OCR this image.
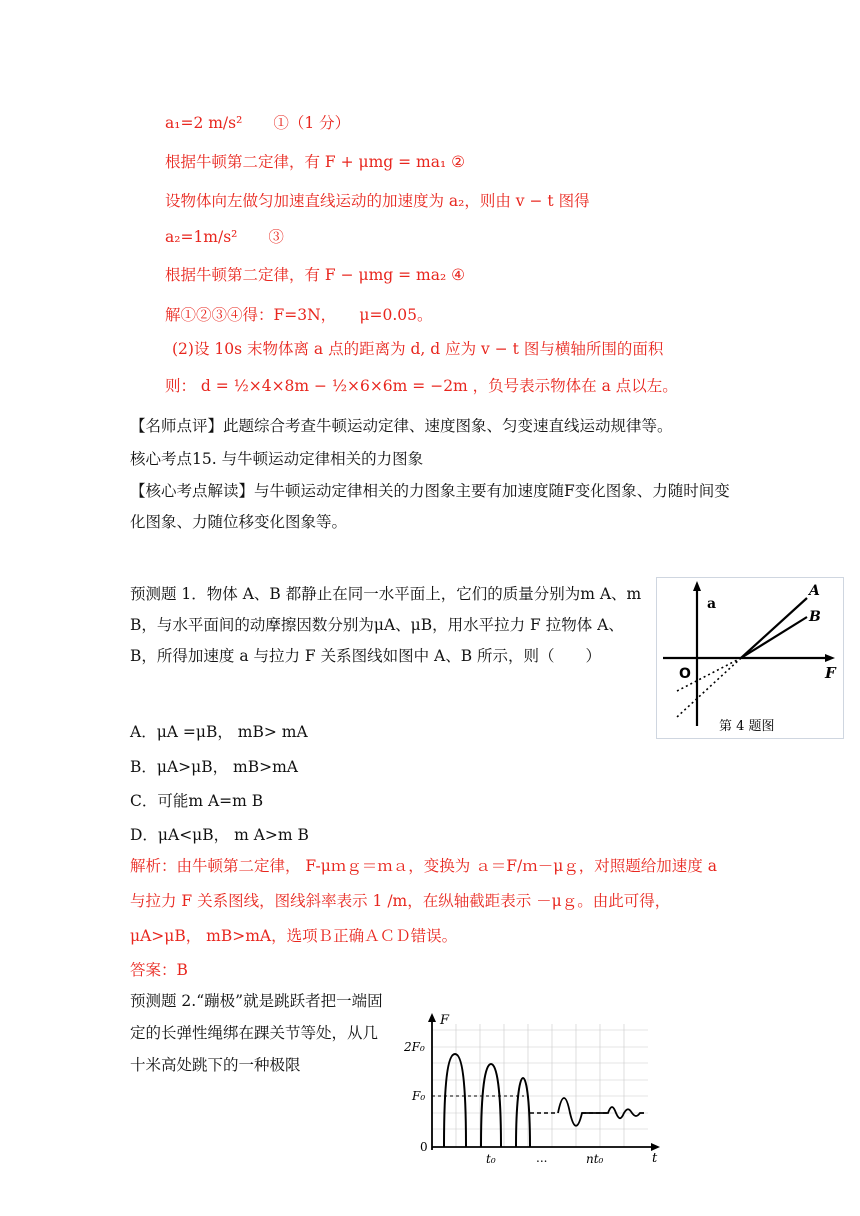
a₁=2 m/s²　　①（1 分）
根据牛顿第二定律，有 F + μmg = ma₁ ②
设物体向左做匀加速直线运动的加速度为 a₂，则由 v − t 图得
a₂=1m/s²　　③
根据牛顿第二定律，有 F − μmg = ma₂ ④
解①②③④得：F=3N，　　μ=0.05。
(2)设 10s 末物体离 a 点的距离为 d, d 应为 v − t 图与横轴所围的面积
则： d = ½×4×8m − ½×6×6m = −2m ，负号表示物体在 a 点以左。
【名师点评】此题综合考查牛顿运动定律、速度图象、匀变速直线运动规律等。
核心考点15. 与牛顿运动定律相关的力图象
【核心考点解读】与牛顿运动定律相关的力图象主要有加速度随F变化图象、力随时间变化图象、力随位移变化图象等。
预测题 1．物体 A、B 都静止在同一水平面上，它们的质量分别为m A、m B，与水平面间的动摩擦因数分别为μA、μB，用水平拉力 F 拉物体 A、B，所得加速度 a 与拉力 F 关系图线如图中 A、B 所示，则（　　）
A．μA =μB， mB> mA
B．μA>μB， mB>mA
C．可能m A=m B
D．μA<μB， m A>m B
解析：由牛顿第二定律， F-μｍｇ＝ｍａ，变换为 ａ＝F/ｍ－μｇ，对照题给加速度 a 与拉力 F 关系图线，图线斜率表示 1 /m，在纵轴截距表示 －μｇ。由此可得，μA>μB， mB>mA，选项Ｂ正确ＡＣＤ错误。
答案：B
a
F
O
A
B
第 4 题图
预测题 2.“蹦极”就是跳跃者把一端固定的长弹性绳绑在踝关节等处，从几十米高处跳下的一种极限
F
t
2F₀
F₀
0
t₀	...	nt₀
